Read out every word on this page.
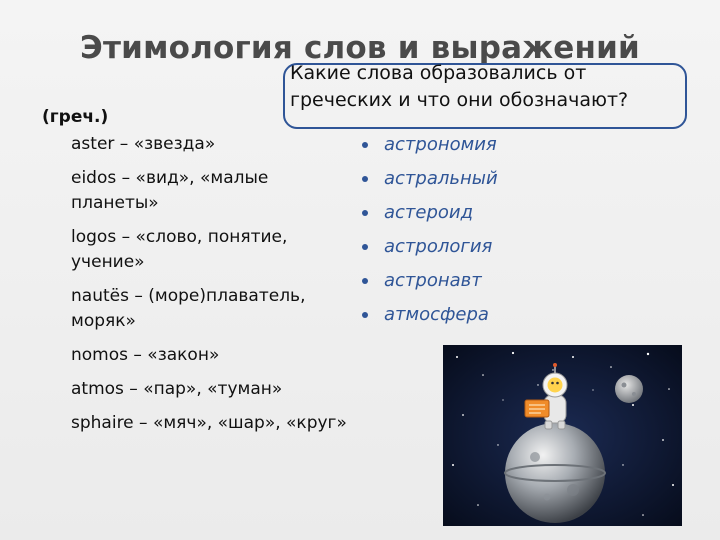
Этимология слов и выражений
Какие слова образовались от греческих и что они обозначают?
(греч.)
aster – «звезда»
eidos – «вид», «малые планеты»
logos – «слово, понятие, учение»
nautës – (море)плаватель, моряк»
nomos – «закон»
atmos – «пар», «туман»
sphaire – «мяч», «шар», «круг»
астрономия
астральный
астероид
астрология
астронавт
атмосфера
